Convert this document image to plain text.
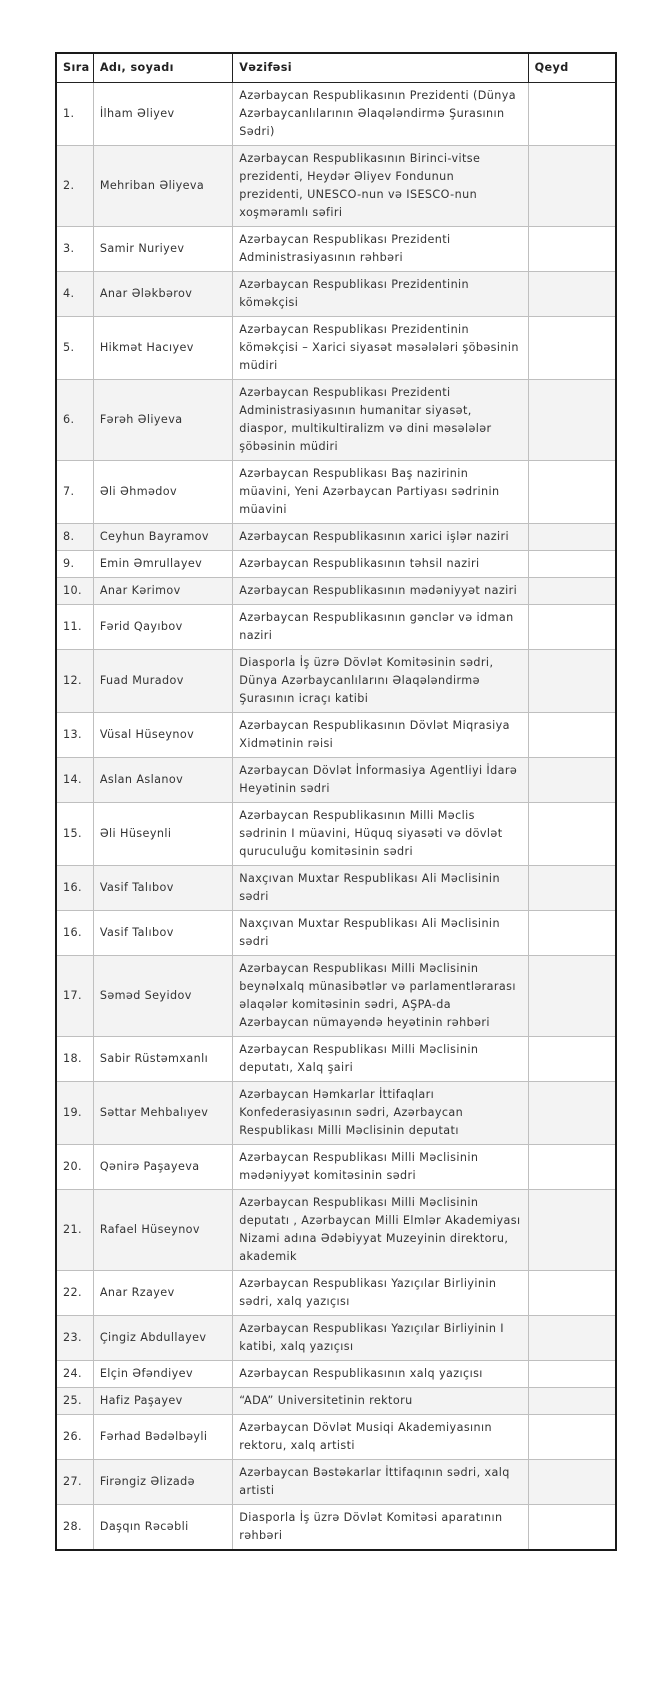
Sıra	Adı, soyadı	Vəzifəsi	Qeyd
1.	İlham Əliyev	Azərbaycan Respublikasının Prezidenti (Dünya Azərbaycanlılarının Əlaqələndirmə Şurasının Sədri)	
2.	Mehriban Əliyeva	Azərbaycan Respublikasının Birinci-vitse prezidenti, Heydər Əliyev Fondunun prezidenti, UNESCO-nun və ISESCO-nun xoşməramlı səfiri	
3.	Samir Nuriyev	Azərbaycan Respublikası Prezidenti Administrasiyasının rəhbəri	
4.	Anar Ələkbərov	Azərbaycan Respublikası Prezidentinin köməkçisi	
5.	Hikmət Hacıyev	Azərbaycan Respublikası Prezidentinin köməkçisi – Xarici siyasət məsələləri şöbəsinin müdiri	
6.	Fərəh Əliyeva	Azərbaycan Respublikası Prezidenti Administrasiyasının humanitar siyasət, diaspor, multikultiralizm və dini məsələlər şöbəsinin müdiri	
7.	Əli Əhmədov	Azərbaycan Respublikası Baş nazirinin müavini, Yeni Azərbaycan Partiyası sədrinin müavini	
8.	Ceyhun Bayramov	Azərbaycan Respublikasının xarici işlər naziri	
9.	Emin Əmrullayev	Azərbaycan Respublikasının təhsil naziri	
10.	Anar Kərimov	Azərbaycan Respublikasının mədəniyyət naziri	
11.	Fərid Qayıbov	Azərbaycan Respublikasının gənclər və idman naziri	
12.	Fuad Muradov	Diasporla İş üzrə Dövlət Komitəsinin sədri, Dünya Azərbaycanlılarını Əlaqələndirmə Şurasının icraçı katibi	
13.	Vüsal Hüseynov	Azərbaycan Respublikasının Dövlət Miqrasiya Xidmətinin rəisi	
14.	Aslan Aslanov	Azərbaycan Dövlət İnformasiya Agentliyi İdarə Heyətinin sədri	
15.	Əli Hüseynli	Azərbaycan Respublikasının Milli Məclis sədrinin I müavini, Hüquq siyasəti və dövlət quruculuğu komitəsinin sədri	
16.	Vasif Talıbov	Naxçıvan Muxtar Respublikası Ali Məclisinin sədri	
16.	Vasif Talıbov	Naxçıvan Muxtar Respublikası Ali Məclisinin sədri	
17.	Səməd Seyidov	Azərbaycan Respublikası Milli Məclisinin beynəlxalq münasibətlər və parlamentlərarası əlaqələr komitəsinin sədri, AŞPA-da Azərbaycan nümayəndə heyətinin rəhbəri	
18.	Sabir Rüstəmxanlı	Azərbaycan Respublikası Milli Məclisinin deputatı, Xalq şairi	
19.	Səttar Mehbalıyev	Azərbaycan Həmkarlar İttifaqları Konfederasiyasının sədri, Azərbaycan Respublikası Milli Məclisinin deputatı	
20.	Qənirə Paşayeva	Azərbaycan Respublikası Milli Məclisinin mədəniyyət komitəsinin sədri	
21.	Rafael Hüseynov	Azərbaycan Respublikası Milli Məclisinin deputatı , Azərbaycan Milli Elmlər Akademiyası Nizami adına Ədəbiyyat Muzeyinin direktoru, akademik	
22.	Anar Rzayev	Azərbaycan Respublikası Yazıçılar Birliyinin sədri, xalq yazıçısı	
23.	Çingiz Abdullayev	Azərbaycan Respublikası Yazıçılar Birliyinin I katibi, xalq yazıçısı	
24.	Elçin Əfəndiyev	Azərbaycan Respublikasının xalq yazıçısı	
25.	Hafiz Paşayev	“ADA” Universitetinin rektoru	
26.	Fərhad Bədəlbəyli	Azərbaycan Dövlət Musiqi Akademiyasının rektoru, xalq artisti	
27.	Firəngiz Əlizadə	Azərbaycan Bəstəkarlar İttifaqının sədri, xalq artisti	
28.	Daşqın Rəcəbli	Diasporla İş üzrə Dövlət Komitəsi aparatının rəhbəri	
